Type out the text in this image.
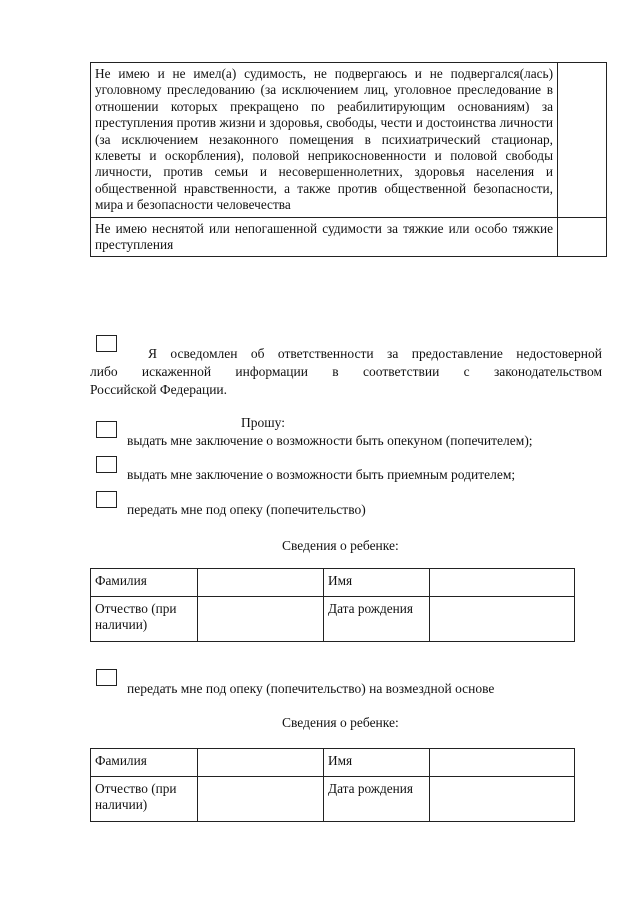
Не имею и не имел(а) судимость, не подвергаюсь и не подвергался(лась) уголовному преследованию (за исключением лиц, уголовное преследование в отношении которых прекращено по реабилитирующим основаниям) за преступления против жизни и здоровья, свободы, чести и достоинства личности (за исключением незаконного помещения в психиатрический стационар, клеветы и оскорбления), половой неприкосновенности и половой свободы личности, против семьи и несовершеннолетних, здоровья населения и общественной нравственности, а также против общественной безопасности, мира и безопасности человечества	
Не имею неснятой или непогашенной судимости за тяжкие или особо тяжкие преступления	
Я осведомлен об ответственности за предоставление недостоверной
либо искаженной информации в соответствии с законодательством
Российской Федерации.
Прошу:
выдать мне заключение о возможности быть опекуном (попечителем);
выдать мне заключение о возможности быть приемным родителем;
передать мне под опеку (попечительство)
Сведения о ребенке:
Фамилия		Имя	
Отчество (при наличии)		Дата рождения	
передать мне под опеку (попечительство) на возмездной основе
Сведения о ребенке:
Фамилия		Имя	
Отчество (при наличии)		Дата рождения	
